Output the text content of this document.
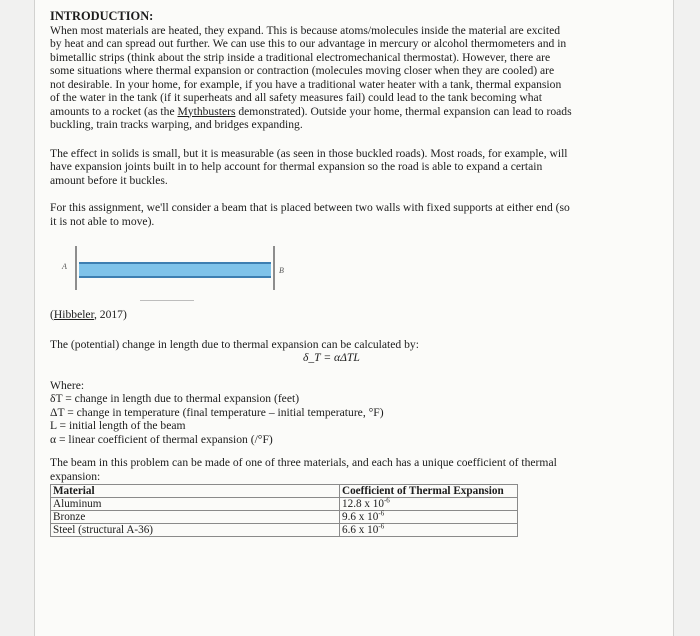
INTRODUCTION:

When most materials are heated, they expand. This is because atoms/molecules inside the material are excited
by heat and can spread out further. We can use this to our advantage in mercury or alcohol thermometers and in
bimetallic strips (think about the strip inside a traditional electromechanical thermostat). However, there are
some situations where thermal expansion or contraction (molecules moving closer when they are cooled) are
not desirable. In your home, for example, if you have a traditional water heater with a tank, thermal expansion
of the water in the tank (if it superheats and all safety measures fail) could lead to the tank becoming what
amounts to a rocket (as the Mythbusters demonstrated). Outside your home, thermal expansion can lead to roads
buckling, train tracks warping, and bridges expanding.

The effect in solids is small, but it is measurable (as seen in those buckled roads). Most roads, for example, will
have expansion joints built in to help account for thermal expansion so the road is able to expand a certain
amount before it buckles.

For this assignment, we'll consider a beam that is placed between two walls with fixed supports at either end (so
it is not able to move).

A	B

(Hibbeler, 2017)

The (potential) change in length due to thermal expansion can be calculated by:

δ_T = αΔTL

Where:

δT = change in length due to thermal expansion (feet)

ΔT = change in temperature (final temperature – initial temperature, °F)

L = initial length of the beam

α = linear coefficient of thermal expansion (/°F)

The beam in this problem can be made of one of three materials, and each has a unique coefficient of thermal
expansion:

Material	Coefficient of Thermal Expansion
Aluminum	12.8 x $10^{-6}$
Bronze	9.6 x $10^{-6}$
Steel (structural A-36)	6.6 x $10^{-6}$
